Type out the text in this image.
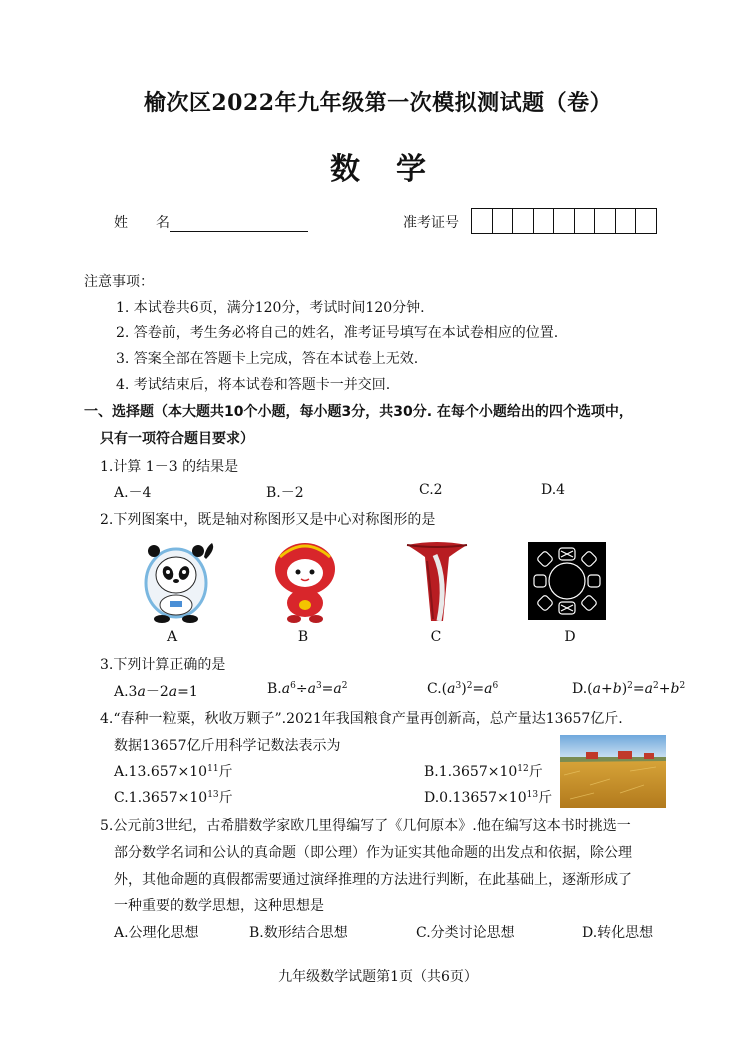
榆次区2022年九年级第一次模拟测试题（卷）
数学
姓　　名	准考证号
注意事项：
1. 本试卷共6页，满分120分，考试时间120分钟.
2. 答卷前，考生务必将自己的姓名，准考证号填写在本试卷相应的位置.
3. 答案全部在答题卡上完成，答在本试卷上无效.
4. 考试结束后，将本试卷和答题卡一并交回.
一、选择题（本大题共10个小题，每小题3分，共30分. 在每个小题给出的四个选项中，
只有一项符合题目要求）
1.计算 1－3 的结果是
A.－4	B.－2	C.2	D.4
2.下列图案中，既是轴对称图形又是中心对称图形的是
A	B	C	D
3.下列计算正确的是
A.3a－2a=1	$B.a^6\div a^3=a^2$	$C.(a^3)^2=a^6$	$D.(a+b)^2=a^2+b^2$
4.“春种一粒粟，秋收万颗子”.2021年我国粮食产量再创新高，总产量达13657亿斤.
数据13657亿斤用科学记数法表示为
$A.13.657\times 10^{11}$斤	$B.1.3657\times 10^{12}$斤
$C.1.3657\times 10^{13}$斤	$D.0.13657\times 10^{13}$斤
5.公元前3世纪，古希腊数学家欧几里得编写了《几何原本》.他在编写这本书时挑选一
部分数学名词和公认的真命题（即公理）作为证实其他命题的出发点和依据，除公理
外，其他命题的真假都需要通过演绎推理的方法进行判断，在此基础上，逐渐形成了
一种重要的数学思想，这种思想是
A.公理化思想	B.数形结合思想	C.分类讨论思想	D.转化思想
九年级数学试题第1页（共6页）
